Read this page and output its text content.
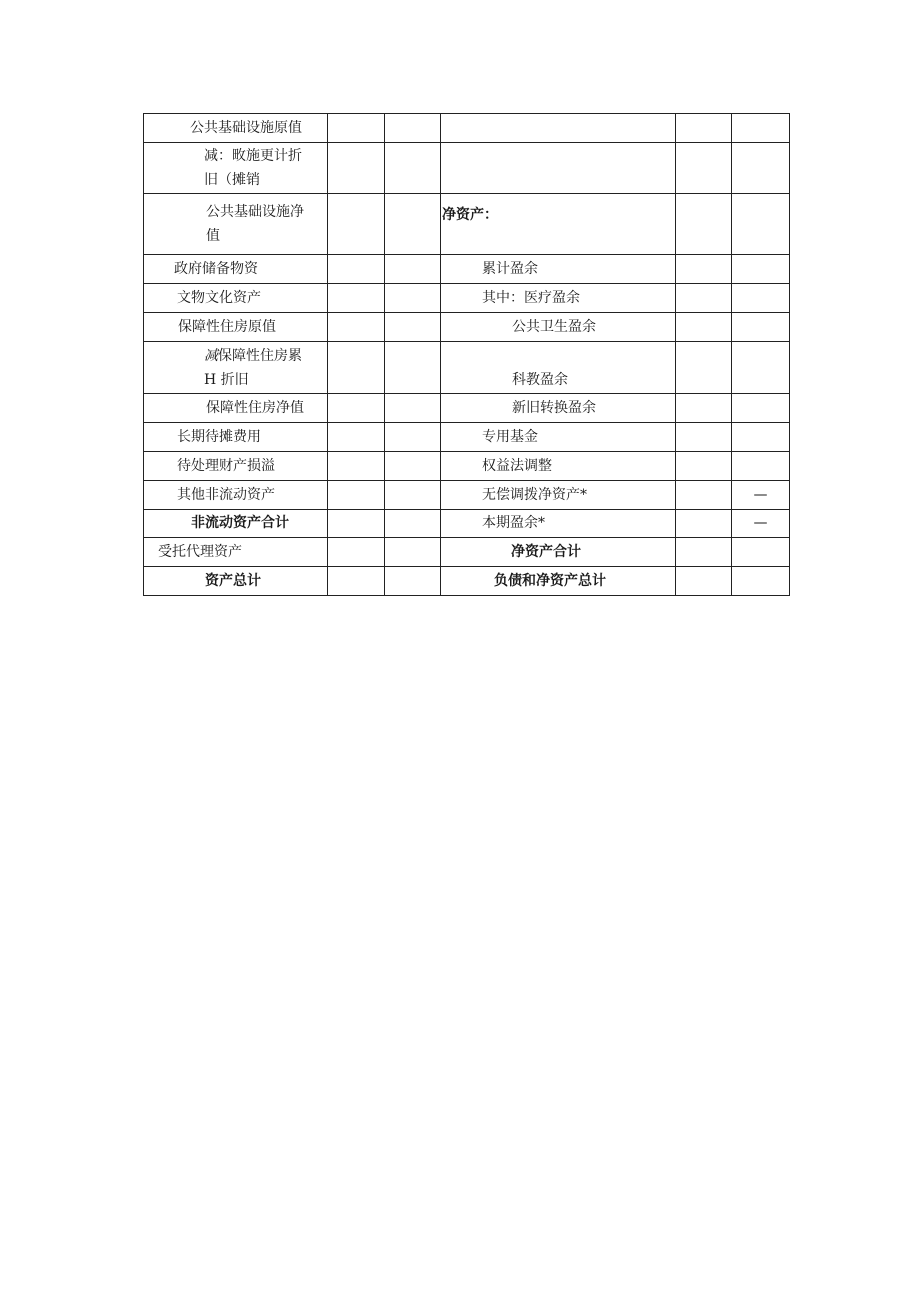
公共基础设施原值					
减：畋施更计折
旧（摊销					
公共基础设施净
值			净资产：		
政府储备物资			累计盈余		
文物文化资产			其中：医疗盈余		
保障性住房原值			公共卫生盈余		
减保障性住房累
H 折旧			科教盈余		
保障性住房净值			新旧转换盈余		
长期待摊费用			专用基金		
待处理财产损溢			权益法调整		
其他非流动资产			无偿调拨净资产*		—
非流动资产合计			本期盈余*		—
受托代理资产			净资产合计		
资产总计			负债和净资产总计		
